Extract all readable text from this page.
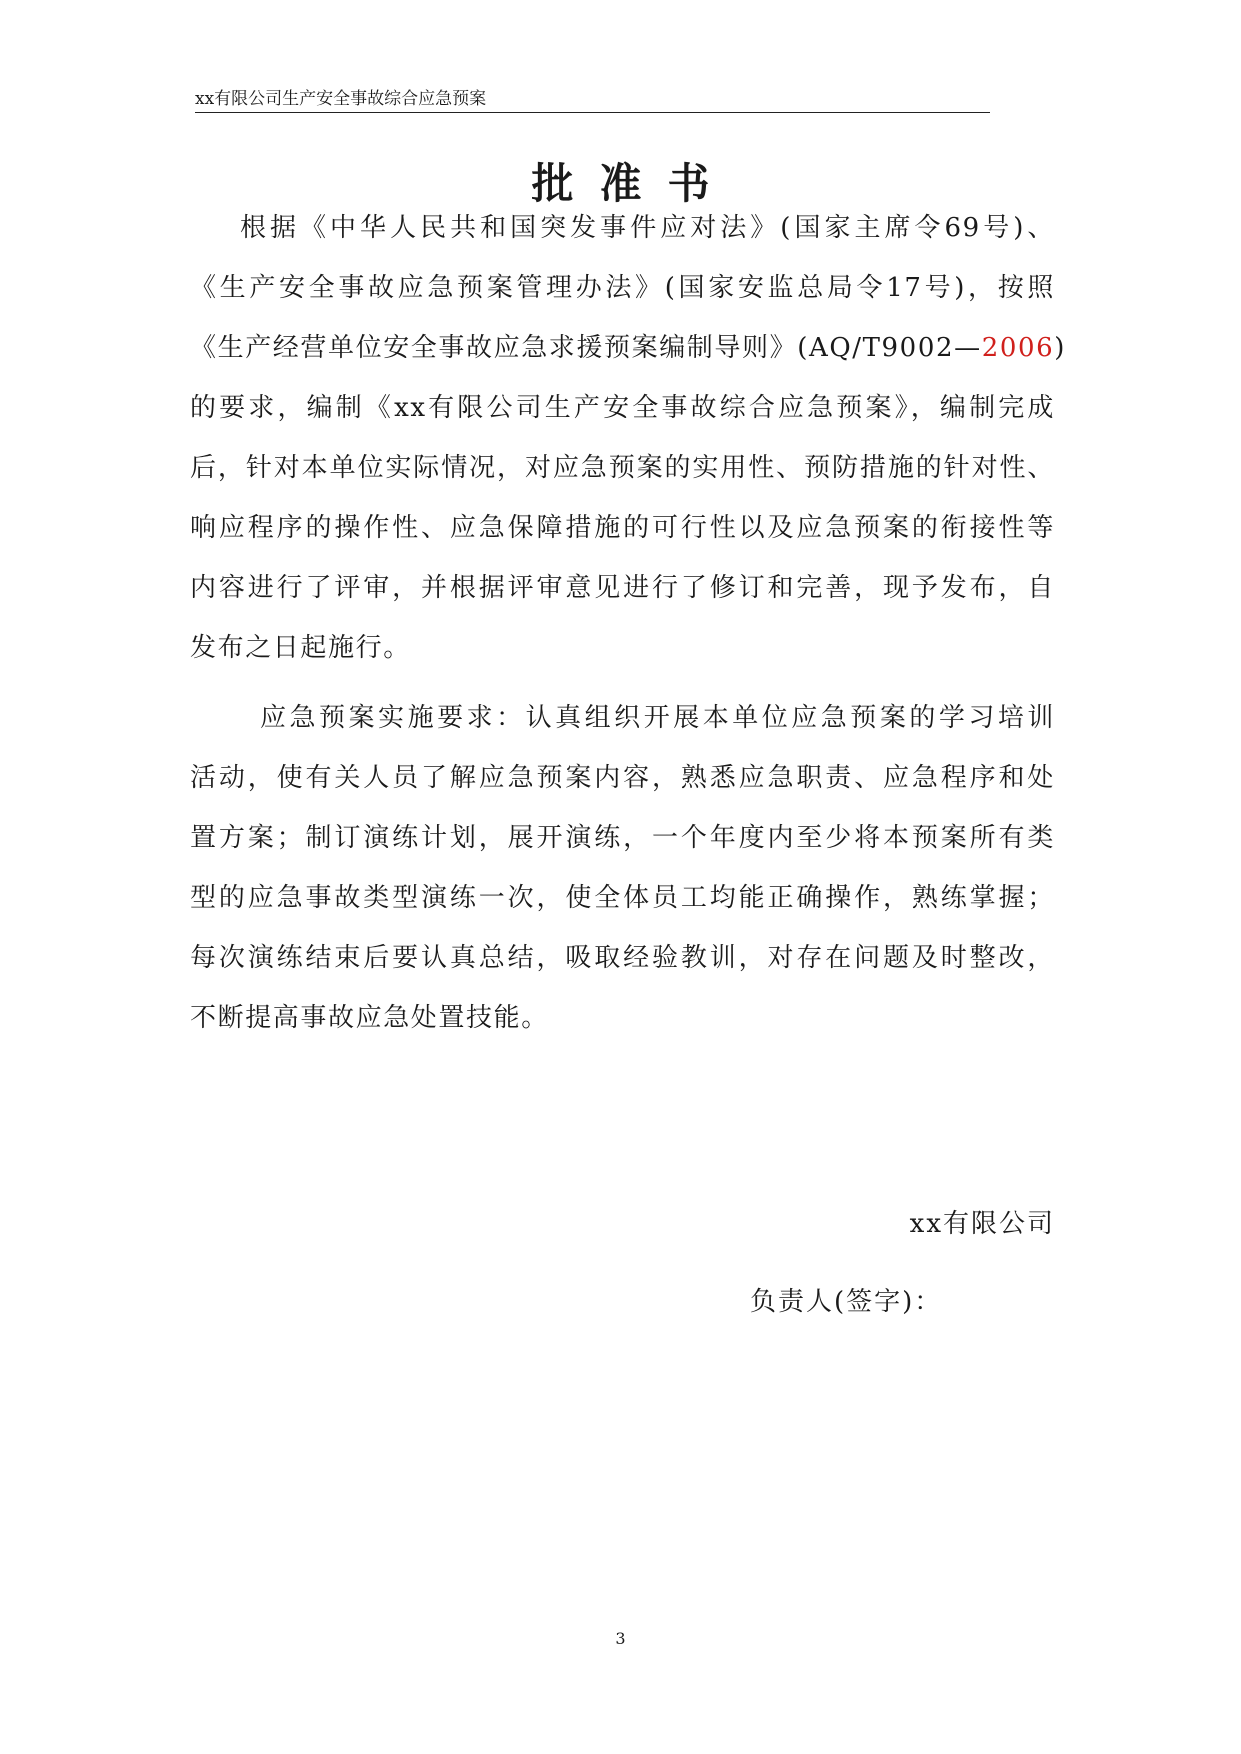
xx有限公司生产安全事故综合应急预案
批准书
根据《中华人民共和国突发事件应对法》(国家主席令69号)、
《生产安全事故应急预案管理办法》(国家安监总局令17号)，按照
《生产经营单位安全事故应急求援预案编制导则》(AQ/T9002—2006)
的要求，编制《xx有限公司生产安全事故综合应急预案》，编制完成
后，针对本单位实际情况，对应急预案的实用性、预防措施的针对性、
响应程序的操作性、应急保障措施的可行性以及应急预案的衔接性等
内容进行了评审，并根据评审意见进行了修订和完善，现予发布，自
发布之日起施行。
应急预案实施要求：认真组织开展本单位应急预案的学习培训
活动，使有关人员了解应急预案内容，熟悉应急职责、应急程序和处
置方案；制订演练计划，展开演练，一个年度内至少将本预案所有类
型的应急事故类型演练一次，使全体员工均能正确操作，熟练掌握；
每次演练结束后要认真总结，吸取经验教训，对存在问题及时整改，
不断提高事故应急处置技能。
xx有限公司
负责人(签字)：
3
